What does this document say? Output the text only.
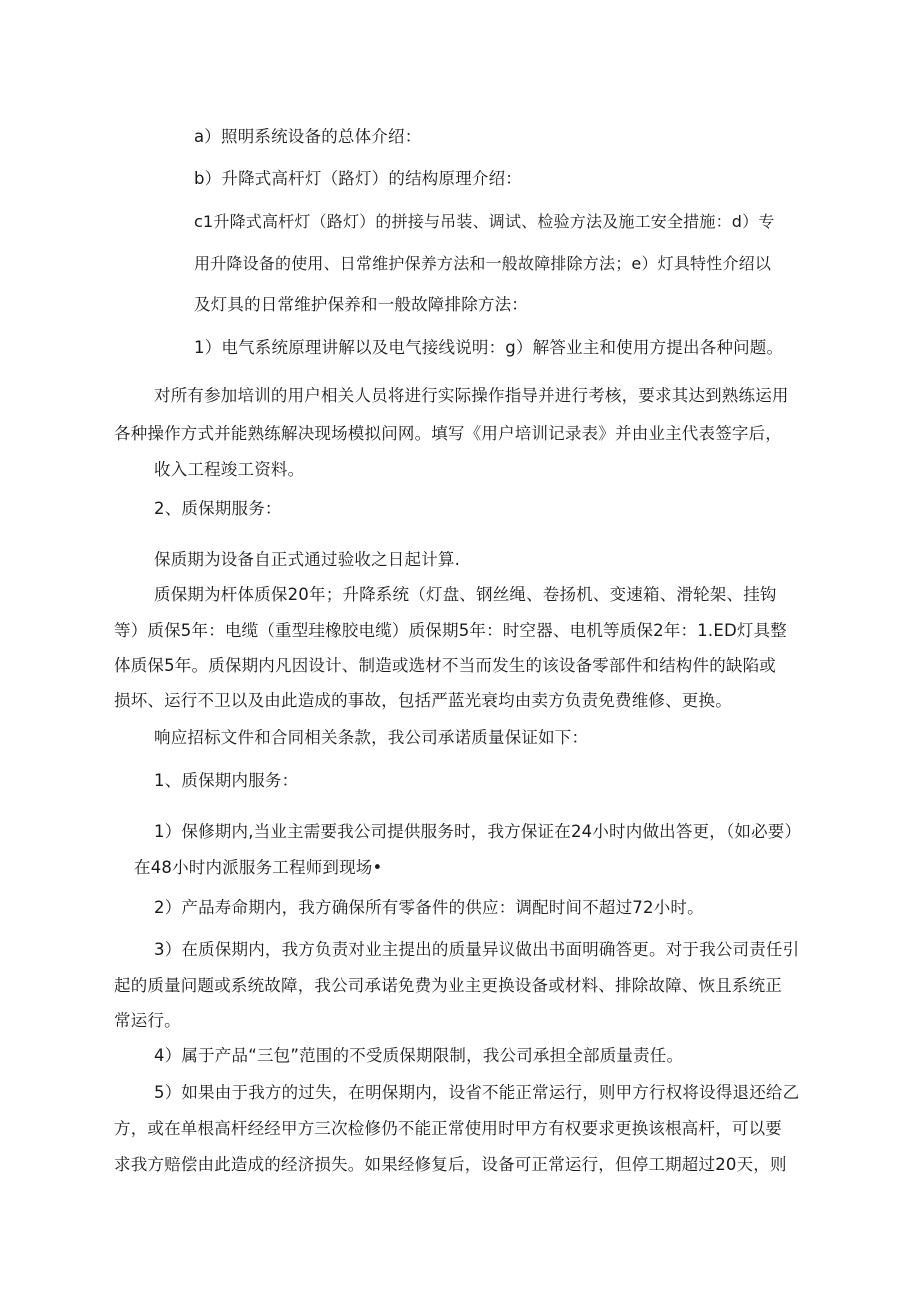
a）照明系统设备的总体介绍：
b）升降式高杆灯（路灯）的结构原理介绍：
c1升降式高杆灯（路灯）的拼接与吊装、调试、检验方法及施工安全措施：d）专
用升降设备的使用、日常维护保养方法和一般故障排除方法；e）灯具特性介绍以
及灯具的日常维护保养和一般故障排除方法：
1）电气系统原理讲解以及电气接线说明：g）解答业主和使用方提出各种问题。
对所有参加培训的用户相关人员将进行实际操作指导并进行考核，要求其达到熟练运用
各种操作方式并能熟练解决现场模拟问网。填写《用户培训记录表》并由业主代表签字后，
收入工程竣工资料。
2、质保期服务：
保质期为设备自正式通过验收之日起计算.
质保期为杆体质保20年；升降系统（灯盘、钢丝绳、卷扬机、变速箱、滑轮架、挂钩
等）质保5年：电缆（重型珪橡胶电缆）质保期5年：时空器、电机等质保2年：1.ED灯具整
体质保5年。质保期内凡因设计、制造或选材不当而发生的该设备零部件和结构件的缺陷或
损坏、运行不卫以及由此造成的事故，包括严蓝光衰均由卖方负责免费维修、更换。
响应招标文件和合同相关条款，我公司承诺质量保证如下：
1、质保期内服务：
1）保修期内,当业主需要我公司提供服务时，我方保证在24小时内做出答更，（如必要）
在48小时内派服务工程师到现场•
2）产品寿命期内，我方确保所有零备件的供应：调配时间不超过72小时。
3）在质保期内，我方负责对业主提出的质量异议做出书面明确答更。对于我公司责任引
起的质量问题或系统故障，我公司承诺免费为业主更换设备或材料、排除故障、恢且系统正
常运行。
4）属于产品“三包”范围的不受质保期限制，我公司承担全部质量责任。
5）如果由于我方的过失，在明保期内，设省不能正常运行，则甲方行权将设得退还给乙
方，或在单根高杆经经甲方三次检修仍不能正常使用时甲方有权要求更换该根高杆，可以要
求我方赔偿由此造成的经济损失。如果经修复后，设备可正常运行，但停工期超过20天，则
